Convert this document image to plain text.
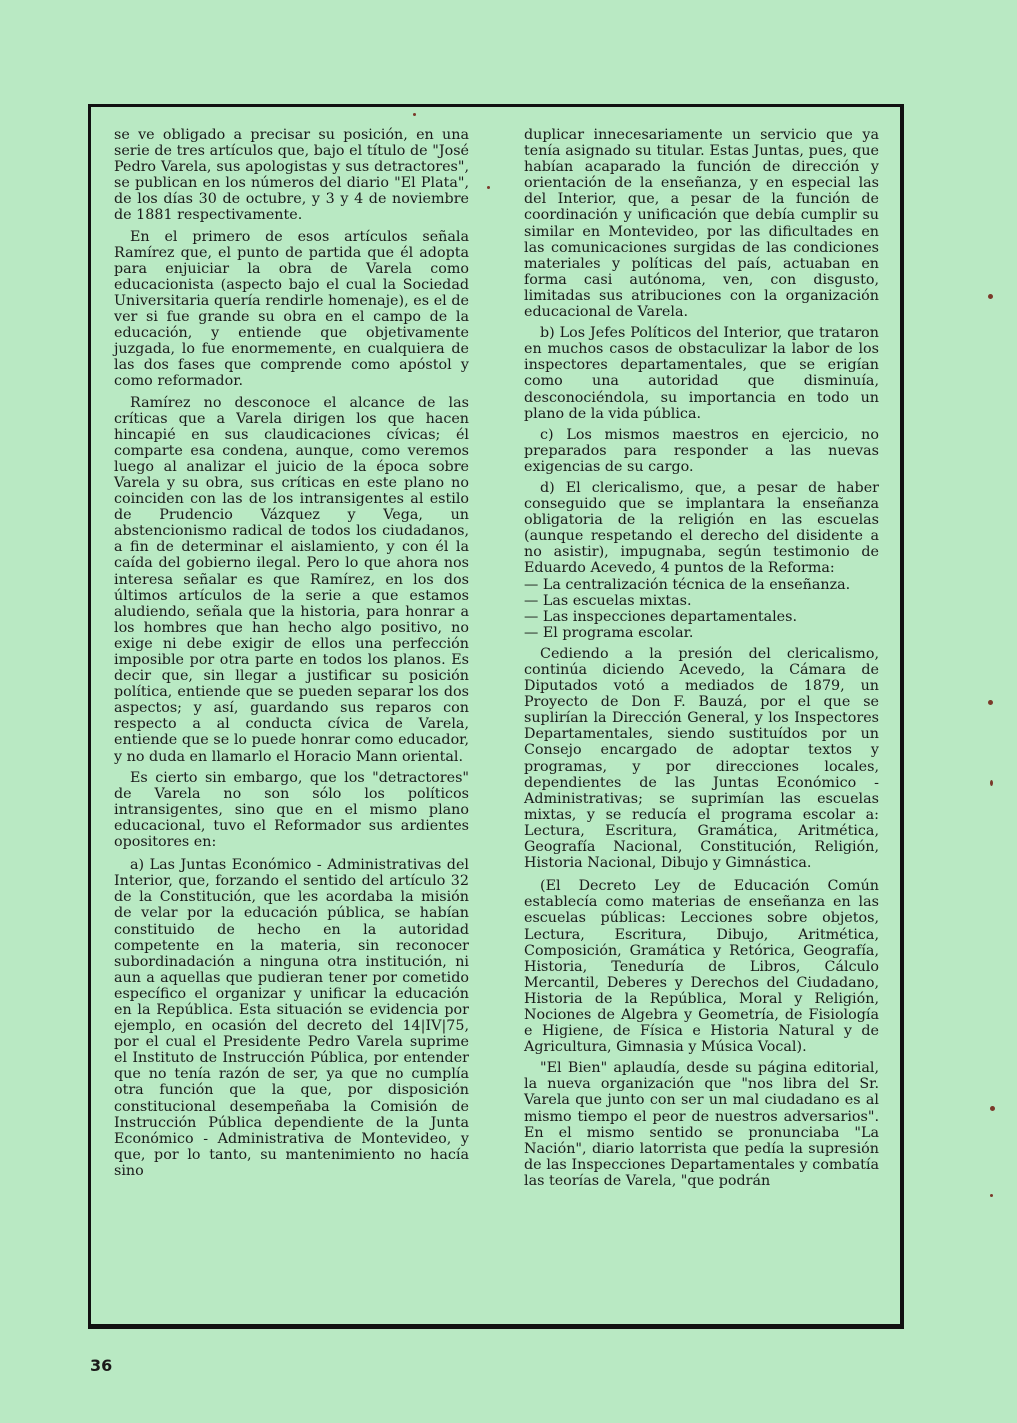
se ve obligado a precisar su posición, en una serie de tres artículos que, bajo el título de "José Pedro Varela, sus apologistas y sus detractores", se publican en los números del diario "El Plata", de los días 30 de octubre, y 3 y 4 de noviembre de 1881 respectivamente.

En el primero de esos artículos señala Ramírez que, el punto de partida que él adopta para enjuiciar la obra de Varela como educacionista (aspecto bajo el cual la Sociedad Universitaria quería rendirle homenaje), es el de ver si fue grande su obra en el campo de la educación, y entiende que objetivamente juzgada, lo fue enormemente, en cualquiera de las dos fases que comprende como apóstol y como reformador.

Ramírez no desconoce el alcance de las críticas que a Varela dirigen los que hacen hincapié en sus claudicaciones cívicas; él comparte esa condena, aunque, como veremos luego al analizar el juicio de la época sobre Varela y su obra, sus críticas en este plano no coinciden con las de los intransigentes al estilo de Prudencio Vázquez y Vega, un abstencionismo radical de todos los ciudadanos, a fin de determinar el aislamiento, y con él la caída del gobierno ilegal. Pero lo que ahora nos interesa señalar es que Ramírez, en los dos últimos artículos de la serie a que estamos aludiendo, señala que la historia, para honrar a los hombres que han hecho algo positivo, no exige ni debe exigir de ellos una perfección imposible por otra parte en todos los planos. Es decir que, sin llegar a justificar su posición política, entiende que se pueden separar los dos aspectos; y así, guardando sus reparos con respecto a al conducta cívica de Varela, entiende que se lo puede honrar como educador, y no duda en llamarlo el Horacio Mann oriental.

Es cierto sin embargo, que los "detractores" de Varela no son sólo los políticos intransigentes, sino que en el mismo plano educacional, tuvo el Reformador sus ardientes opositores en:

a) Las Juntas Económico - Administrativas del Interior, que, forzando el sentido del artículo 32 de la Constitución, que les acordaba la misión de velar por la educación pública, se habían constituido de hecho en la autoridad competente en la materia, sin reconocer subordinadación a ninguna otra institución, ni aun a aquellas que pudieran tener por cometido específico el organizar y unificar la educación en la República. Esta situación se evidencia por ejemplo, en ocasión del decreto del 14|IV|75, por el cual el Presidente Pedro Varela suprime el Instituto de Instrucción Pública, por entender que no tenía razón de ser, ya que no cumplía otra función que la que, por disposición constitucional desempeñaba la Comisión de Instrucción Pública dependiente de la Junta Económico - Administrativa de Montevideo, y que, por lo tanto, su mantenimiento no hacía sino

duplicar innecesariamente un servicio que ya tenía asignado su titular. Estas Juntas, pues, que habían acaparado la función de dirección y orientación de la enseñanza, y en especial las del Interior, que, a pesar de la función de coordinación y unificación que debía cumplir su similar en Montevideo, por las dificultades en las comunicaciones surgidas de las condiciones materiales y políticas del país, actuaban en forma casi autónoma, ven, con disgusto, limitadas sus atribuciones con la organización educacional de Varela.

b) Los Jefes Políticos del Interior, que trataron en muchos casos de obstaculizar la labor de los inspectores departamentales, que se erigían como una autoridad que disminuía, desconociéndola, su importancia en todo un plano de la vida pública.

c) Los mismos maestros en ejercicio, no preparados para responder a las nuevas exigencias de su cargo.

d) El clericalismo, que, a pesar de haber conseguido que se implantara la enseñanza obligatoria de la religión en las escuelas (aunque respetando el derecho del disidente a no asistir), impugnaba, según testimonio de Eduardo Acevedo, 4 puntos de la Reforma:

— La centralización técnica de la enseñanza.

— Las escuelas mixtas.

— Las inspecciones departamentales.

— El programa escolar.

Cediendo a la presión del clericalismo, continúa diciendo Acevedo, la Cámara de Diputados votó a mediados de 1879, un Proyecto de Don F. Bauzá, por el que se suplirían la Dirección General, y los Inspectores Departamentales, siendo sustituídos por un Consejo encargado de adoptar textos y programas, y por direcciones locales, dependientes de las Juntas Económico - Administrativas; se suprimían las escuelas mixtas, y se reducía el programa escolar a: Lectura, Escritura, Gramática, Aritmética, Geografía Nacional, Constitución, Religión, Historia Nacional, Dibujo y Gimnástica.

(El Decreto Ley de Educación Común establecía como materias de enseñanza en las escuelas públicas: Lecciones sobre objetos, Lectura, Escritura, Dibujo, Aritmética, Composición, Gramática y Retórica, Geografía, Historia, Teneduría de Libros, Cálculo Mercantil, Deberes y Derechos del Ciudadano, Historia de la República, Moral y Religión, Nociones de Algebra y Geometría, de Fisiología e Higiene, de Física e Historia Natural y de Agricultura, Gimnasia y Música Vocal).

"El Bien" aplaudía, desde su página editorial, la nueva organización que "nos libra del Sr. Varela que junto con ser un mal ciudadano es al mismo tiempo el peor de nuestros adversarios". En el mismo sentido se pronunciaba "La Nación", diario latorrista que pedía la supresión de las Inspecciones Departamentales y combatía las teorías de Varela, "que podrán

36
